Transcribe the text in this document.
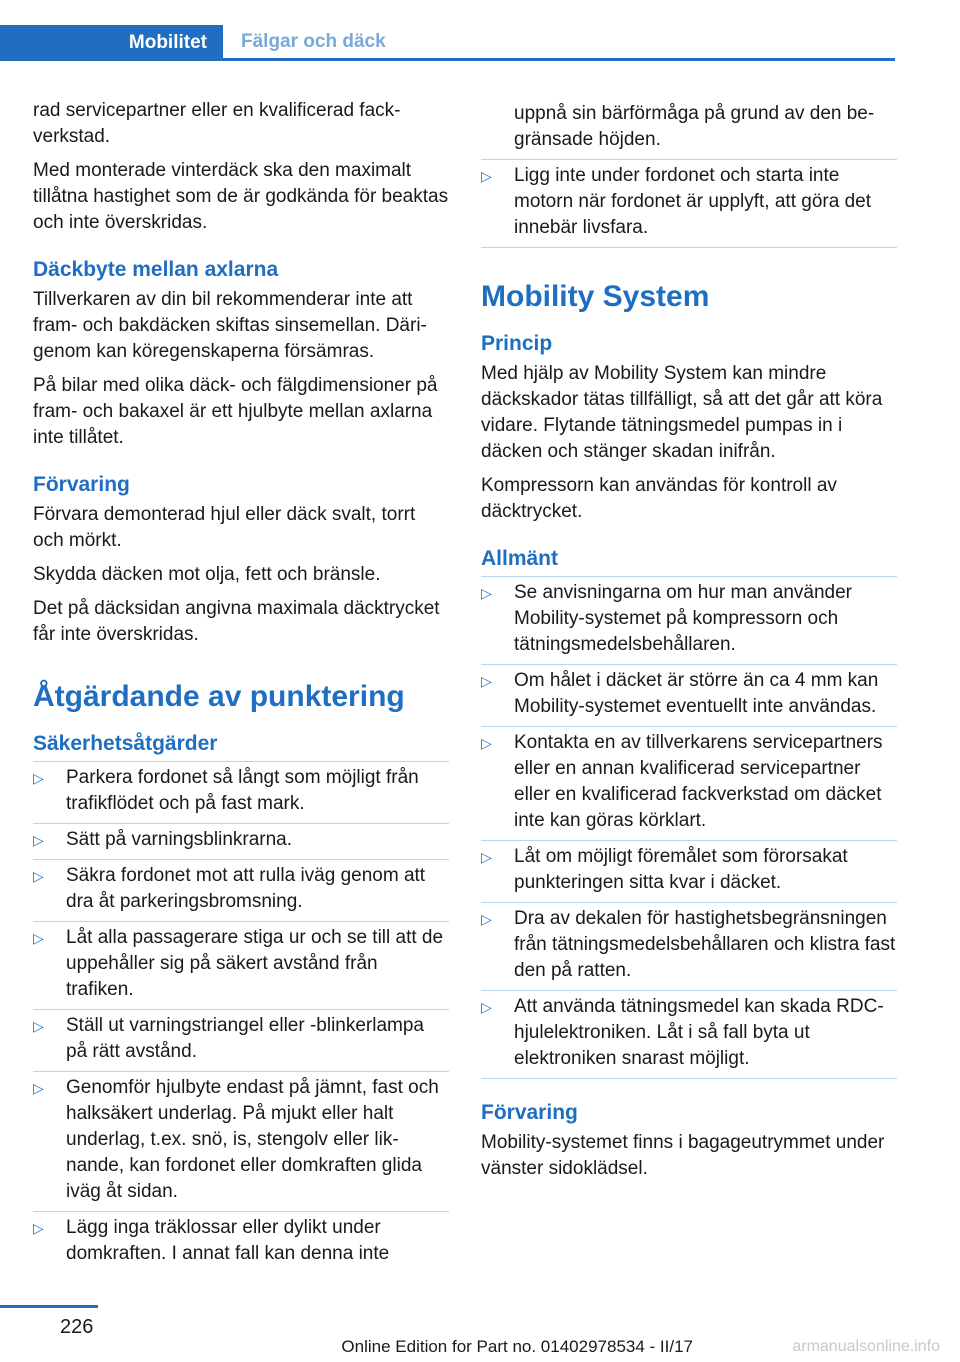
Mobilitet	Fälgar och däck

rad servicepartner eller en kvalificerad fackverkstad.

Med monterade vinterdäck ska den maximalt tillåtna hastighet som de är godkända för beaktas och inte överskridas.

Däckbyte mellan axlarna

Tillverkaren av din bil rekommenderar inte att fram- och bakdäcken skiftas sinsemellan. Därigenom kan köregenskaperna försämras.

På bilar med olika däck- och fälgdimensioner på fram- och bakaxel är ett hjulbyte mellan axlarna inte tillåtet.

Förvaring

Förvara demonterad hjul eller däck svalt, torrt och mörkt.

Skydda däcken mot olja, fett och bränsle.

Det på däcksidan angivna maximala däcktrycket får inte överskridas.

Åtgärdande av punktering
Säkerhetsåtgärder
▷ Parkera fordonet så långt som möjligt från trafikflödet och på fast mark.
▷ Sätt på varningsblinkrarna.
▷ Säkra fordonet mot att rulla iväg genom att dra åt parkeringsbromsning.
▷ Låt alla passagerare stiga ur och se till att de uppehåller sig på säkert avstånd från trafiken.
▷ Ställ ut varningstriangel eller -blinkerlampa på rätt avstånd.
▷ Genomför hjulbyte endast på jämnt, fast och halksäkert underlag. På mjukt eller halt underlag, t.ex. snö, is, stengolv eller liknande, kan fordonet eller domkraften glida iväg åt sidan.
▷ Lägg inga träklossar eller dylikt under domkraften. I annat fall kan denna inte
uppnå sin bärförmåga på grund av den begränsade höjden.
▷ Ligg inte under fordonet och starta inte motorn när fordonet är upplyft, att göra det innebär livsfara.
Mobility System
Princip

Med hjälp av Mobility System kan mindre däckskador tätas tillfälligt, så att det går att köra vidare. Flytande tätningsmedel pumpas in i däcken och stänger skadan inifrån.

Kompressorn kan användas för kontroll av däcktrycket.

Allmänt
▷ Se anvisningarna om hur man använder Mobility-systemet på kompressorn och tätningsmedelsbehållaren.
▷ Om hålet i däcket är större än ca 4 mm kan Mobility-systemet eventuellt inte användas.
▷ Kontakta en av tillverkarens servicepartners eller en annan kvalificerad servicepartner eller en kvalificerad fackverkstad om däcket inte kan göras körklart.
▷ Låt om möjligt föremålet som förorsakat punkteringen sitta kvar i däcket.
▷ Dra av dekalen för hastighetsbegränsningen från tätningsmedelsbehållaren och klistra fast den på ratten.
▷ Att använda tätningsmedel kan skada RDC-hjulelektroniken. Låt i så fall byta ut elektroniken snarast möjligt.
Förvaring

Mobility-systemet finns i bagageutrymmet under vänster sidoklädsel.

226
Online Edition for Part no. 01402978534 - II/17	armanualsonline.info
